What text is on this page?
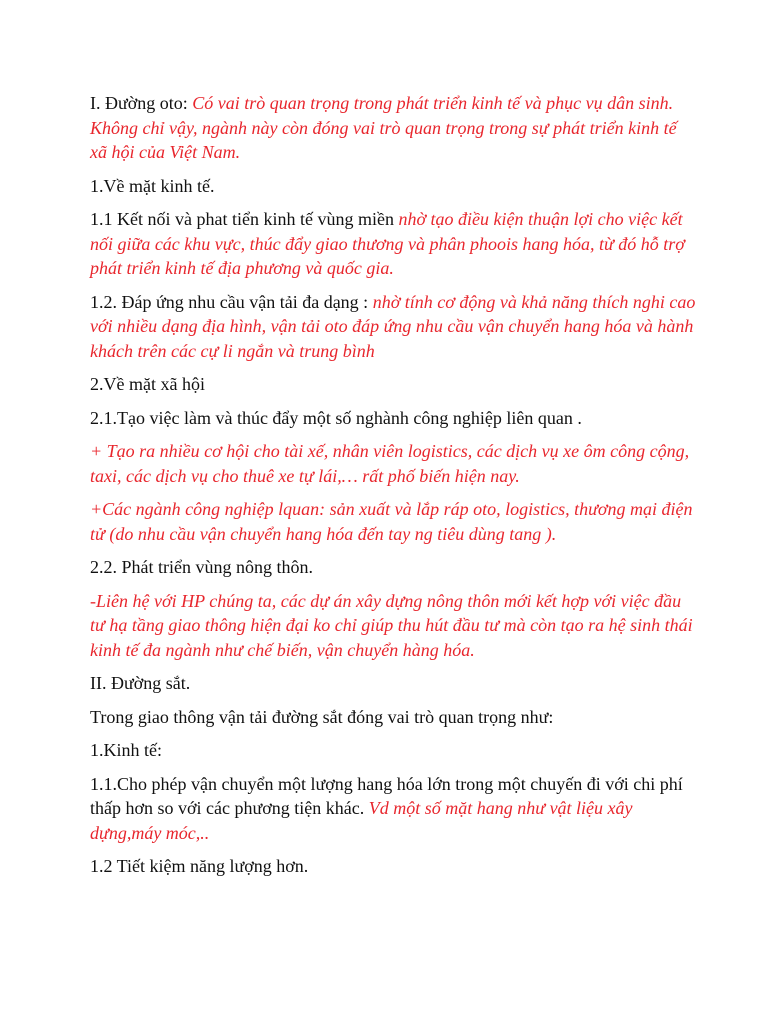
I. Đường oto: Có vai trò quan trọng trong phát triển kinh tế và phục vụ dân sinh. Không chỉ vậy, ngành này còn đóng vai trò quan trọng trong sự phát triển kinh tế xã hội của Việt Nam.

1.Về mặt kinh tế.

1.1 Kết nối và phat tiển kinh tế vùng miền nhờ tạo điều kiện thuận lợi cho việc kết nối giữa các khu vực, thúc đẩy giao thương và phân phoois hang hóa, từ đó hỗ trợ phát triển kinh tế địa phương và quốc gia.

1.2. Đáp ứng nhu cầu vận tải đa dạng : nhờ tính cơ động và khả năng thích nghi cao với nhiều dạng địa hình, vận tải oto đáp ứng nhu cầu vận chuyển hang hóa và hành khách trên các cự li ngắn và trung bình

2.Về mặt xã hội

2.1.Tạo việc làm và thúc đẩy một số nghành công nghiệp liên quan .

+ Tạo ra nhiều cơ hội cho tài xế, nhân viên logistics, các dịch vụ xe ôm công cộng, taxi, các dịch vụ cho thuê xe tự lái,… rất phố biến hiện nay.

+Các ngành công nghiệp lquan: sản xuất và lắp ráp oto, logistics, thương mại điện tử (do nhu cầu vận chuyển hang hóa đến tay ng tiêu dùng tang ).

2.2. Phát triển vùng nông thôn.

-Liên hệ với HP chúng ta, các dự án xây dựng nông thôn mới kết hợp với việc đầu tư hạ tầng giao thông hiện đại ko chỉ giúp thu hút đầu tư mà còn tạo ra hệ sinh thái kinh tế đa ngành như chế biến, vận chuyển hàng hóa.

II. Đường sắt.

Trong giao thông vận tải đường sắt đóng vai trò quan trọng như:

1.Kinh tế:

1.1.Cho phép vận chuyển một lượng hang hóa lớn trong một chuyến đi với chi phí thấp hơn so với các phương tiện khác. Vd một số mặt hang như vật liệu xây dựng,máy móc,..

1.2 Tiết kiệm năng lượng hơn.
